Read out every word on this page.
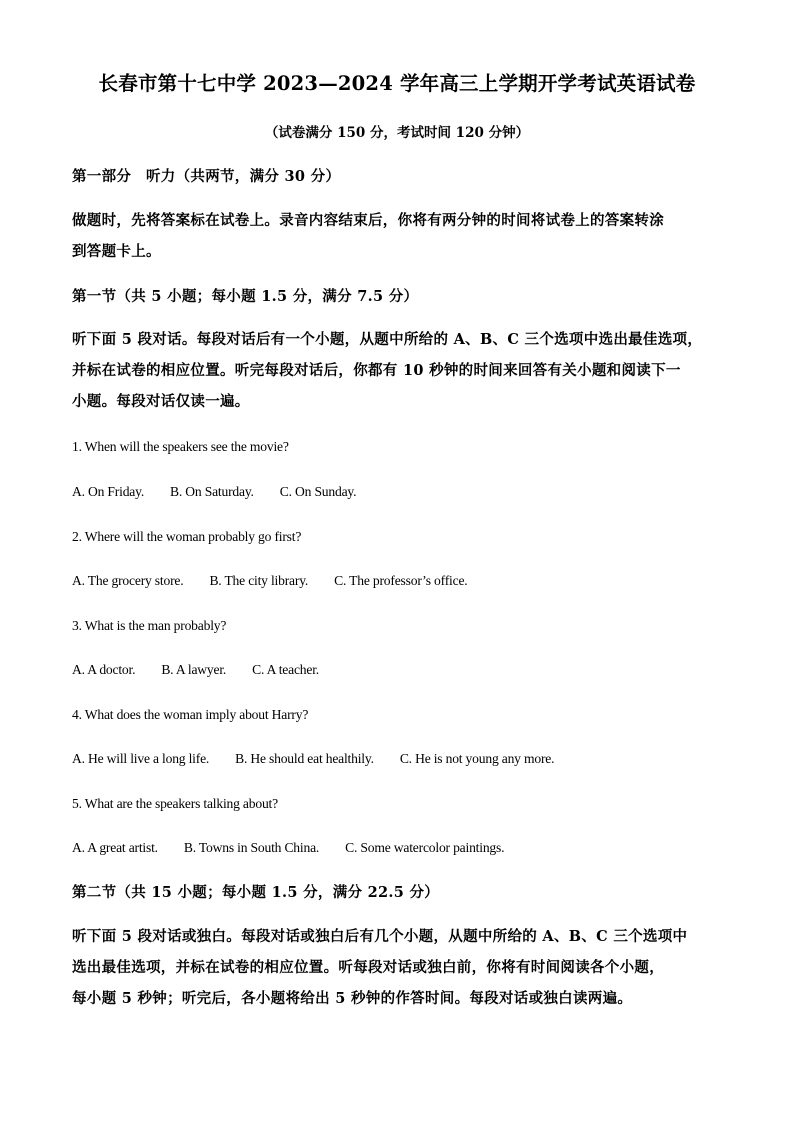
长春市第十七中学 2023—2024 学年高三上学期开学考试英语试卷
（试卷满分 150 分，考试时间 120 分钟）
第一部分　听力（共两节，满分 30 分）
做题时，先将答案标在试卷上。录音内容结束后，你将有两分钟的时间将试卷上的答案转涂
到答题卡上。
第一节（共 5 小题；每小题 1.5 分，满分 7.5 分）
听下面 5 段对话。每段对话后有一个小题，从题中所给的 A、B、C 三个选项中选出最佳选项，
并标在试卷的相应位置。听完每段对话后，你都有 10 秒钟的时间来回答有关小题和阅读下一
小题。每段对话仅读一遍。
1. When will the speakers see the movie?
A. On Friday. B. On Saturday. C. On Sunday.
2. Where will the woman probably go first?
A. The grocery store. B. The city library. C. The professor’s office.
3. What is the man probably?
A. A doctor. B. A lawyer. C. A teacher.
4. What does the woman imply about Harry?
A. He will live a long life. B. He should eat healthily. C. He is not young any more.
5. What are the speakers talking about?
A. A great artist. B. Towns in South China. C. Some watercolor paintings.
第二节（共 15 小题；每小题 1.5 分，满分 22.5 分）
听下面 5 段对话或独白。每段对话或独白后有几个小题，从题中所给的 A、B、C 三个选项中
选出最佳选项，并标在试卷的相应位置。听每段对话或独白前，你将有时间阅读各个小题，
每小题 5 秒钟；听完后，各小题将给出 5 秒钟的作答时间。每段对话或独白读两遍。
